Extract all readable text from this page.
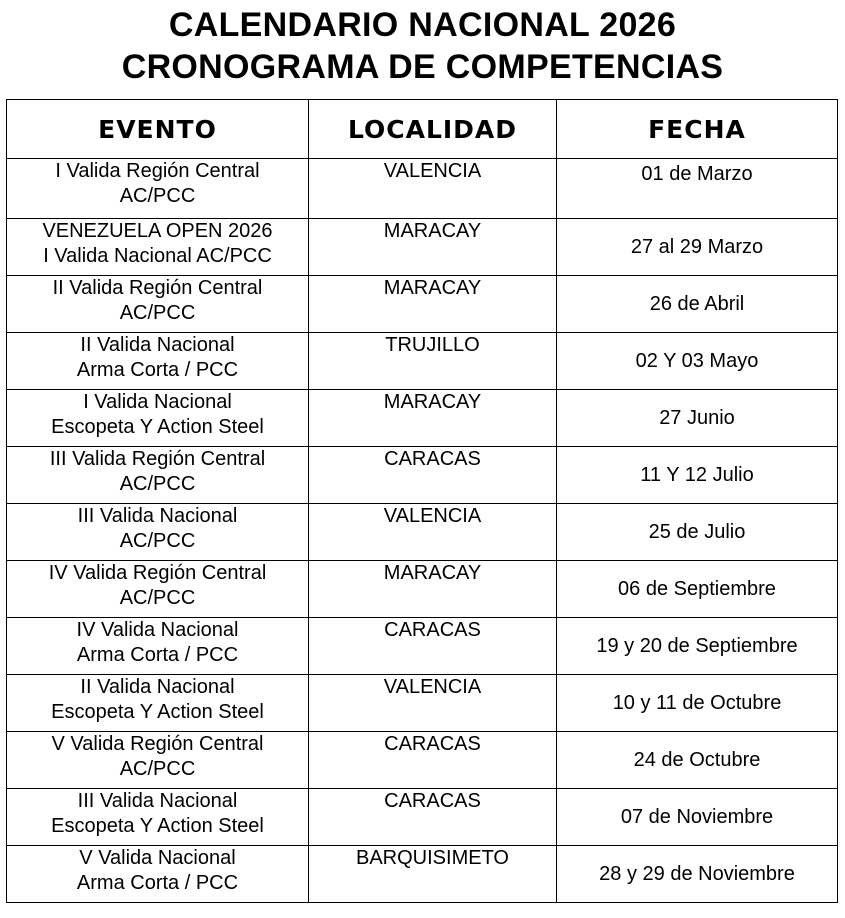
CALENDARIO NACIONAL 2026
CRONOGRAMA DE COMPETENCIAS
EVENTO	LOCALIDAD	FECHA

I Valida Región Central
AC/PCC	VALENCIA	01 de Marzo

VENEZUELA OPEN 2026
I Valida Nacional AC/PCC	MARACAY	27 al 29 Marzo

II Valida Región Central
AC/PCC	MARACAY	26 de Abril

II Valida Nacional
Arma Corta / PCC	TRUJILLO	02 Y 03 Mayo

I Valida Nacional
Escopeta Y Action Steel	MARACAY	27 Junio

III Valida Región Central
AC/PCC	CARACAS	11 Y 12 Julio

III Valida Nacional
AC/PCC	VALENCIA	25 de Julio

IV Valida Región Central
AC/PCC	MARACAY	06 de Septiembre

IV Valida Nacional
Arma Corta / PCC	CARACAS	19 y 20 de Septiembre

II Valida Nacional
Escopeta Y Action Steel	VALENCIA	10 y 11 de Octubre

V Valida Región Central
AC/PCC	CARACAS	24 de Octubre

III Valida Nacional
Escopeta Y Action Steel	CARACAS	07 de Noviembre

V Valida Nacional
Arma Corta / PCC	BARQUISIMETO	28 y 29 de Noviembre
